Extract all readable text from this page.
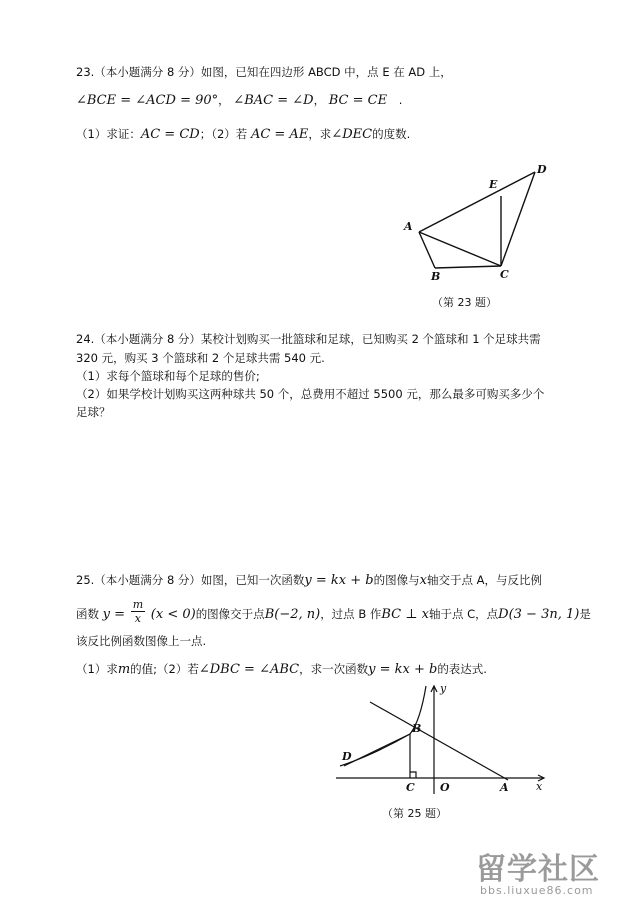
23.（本小题满分 8 分）如图，已知在四边形 ABCD 中，点 E 在 AD 上，
∠BCE = ∠ACD = 90°， ∠BAC = ∠D， BC = CE .
（1）求证：AC = CD；（2）若 AC = AE，求∠DEC的度数.
A
B	C
D
E
（第 23 题）
24.（本小题满分 8 分）某校计划购买一批篮球和足球，已知购买 2 个篮球和 1 个足球共需
320 元，购买 3 个篮球和 2 个足球共需 540 元.
（1）求每个篮球和每个足球的售价;
（2）如果学校计划购买这两种球共 50 个，总费用不超过 5500 元，那么最多可购买多少个
足球？
25.（本小题满分 8 分）如图，已知一次函数y = kx + b的图像与x轴交于点 A，与反比例
函数 $y = \frac{m}{x} (x < 0)$的图像交于点B(−2, n)，过点 B 作BC ⊥ x轴于点 C，点D(3 − 3n, 1)是
该反比例函数图像上一点.
（1）求m的值;（2）若∠DBC = ∠ABC，求一次函数y = kx + b的表达式.
y
x
B
D
C O	A
（第 25 题）
留学社区
bbs.liuxue86.com
